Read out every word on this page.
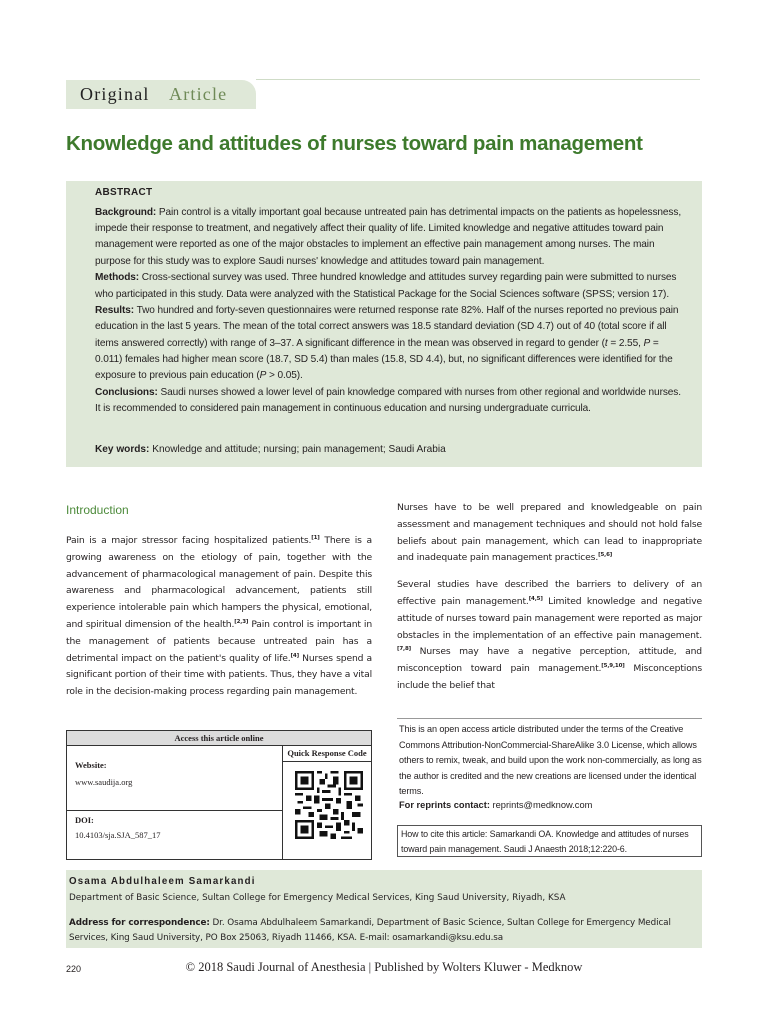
Original Article
Knowledge and attitudes of nurses toward pain management
ABSTRACT

Background: Pain control is a vitally important goal because untreated pain has detrimental impacts on the patients as hopelessness, impede their response to treatment, and negatively affect their quality of life. Limited knowledge and negative attitudes toward pain management were reported as one of the major obstacles to implement an effective pain management among nurses. The main purpose for this study was to explore Saudi nurses' knowledge and attitudes toward pain management.

Methods: Cross-sectional survey was used. Three hundred knowledge and attitudes survey regarding pain were submitted to nurses who participated in this study. Data were analyzed with the Statistical Package for the Social Sciences software (SPSS; version 17).

Results: Two hundred and forty-seven questionnaires were returned response rate 82%. Half of the nurses reported no previous pain education in the last 5 years. The mean of the total correct answers was 18.5 standard deviation (SD 4.7) out of 40 (total score if all items answered correctly) with range of 3–37. A significant difference in the mean was observed in regard to gender (t = 2.55, P = 0.011) females had higher mean score (18.7, SD 5.4) than males (15.8, SD 4.4), but, no significant differences were identified for the exposure to previous pain education (P > 0.05).

Conclusions: Saudi nurses showed a lower level of pain knowledge compared with nurses from other regional and worldwide nurses. It is recommended to considered pain management in continuous education and nursing undergraduate curricula.

Key words: Knowledge and attitude; nursing; pain management; Saudi Arabia
Introduction
Pain is a major stressor facing hospitalized patients.[1] There is a growing awareness on the etiology of pain, together with the advancement of pharmacological management of pain. Despite this awareness and pharmacological advancement, patients still experience intolerable pain which hampers the physical, emotional, and spiritual dimension of the health.[2,3] Pain control is important in the management of patients because untreated pain has a detrimental impact on the patient's quality of life.[4] Nurses spend a significant portion of their time with patients. Thus, they have a vital role in the decision-making process regarding pain management.
Nurses have to be well prepared and knowledgeable on pain assessment and management techniques and should not hold false beliefs about pain management, which can lead to inappropriate and inadequate pain management practices.[5,6]
Several studies have described the barriers to delivery of an effective pain management.[4,5] Limited knowledge and negative attitude of nurses toward pain management were reported as major obstacles in the implementation of an effective pain management.[7,8] Nurses may have a negative perception, attitude, and misconception toward pain management.[5,9,10] Misconceptions include the belief that
Access this article online
Website:
www.saudija.org
DOI:
10.4103/sja.SJA_587_17
Quick Response Code
This is an open access article distributed under the terms of the Creative Commons Attribution-NonCommercial-ShareAlike 3.0 License, which allows others to remix, tweak, and build upon the work non-commercially, as long as the author is credited and the new creations are licensed under the identical terms.
For reprints contact: reprints@medknow.com
How to cite this article: Samarkandi OA. Knowledge and attitudes of nurses toward pain management. Saudi J Anaesth 2018;12:220-6.
Osama Abdulhaleem Samarkandi
Department of Basic Science, Sultan College for Emergency Medical Services, King Saud University, Riyadh, KSA
Address for correspondence: Dr. Osama Abdulhaleem Samarkandi, Department of Basic Science, Sultan College for Emergency Medical Services, King Saud University, PO Box 25063, Riyadh 11466, KSA. E-mail: osamarkandi@ksu.edu.sa
220	© 2018 Saudi Journal of Anesthesia | Published by Wolters Kluwer - Medknow
